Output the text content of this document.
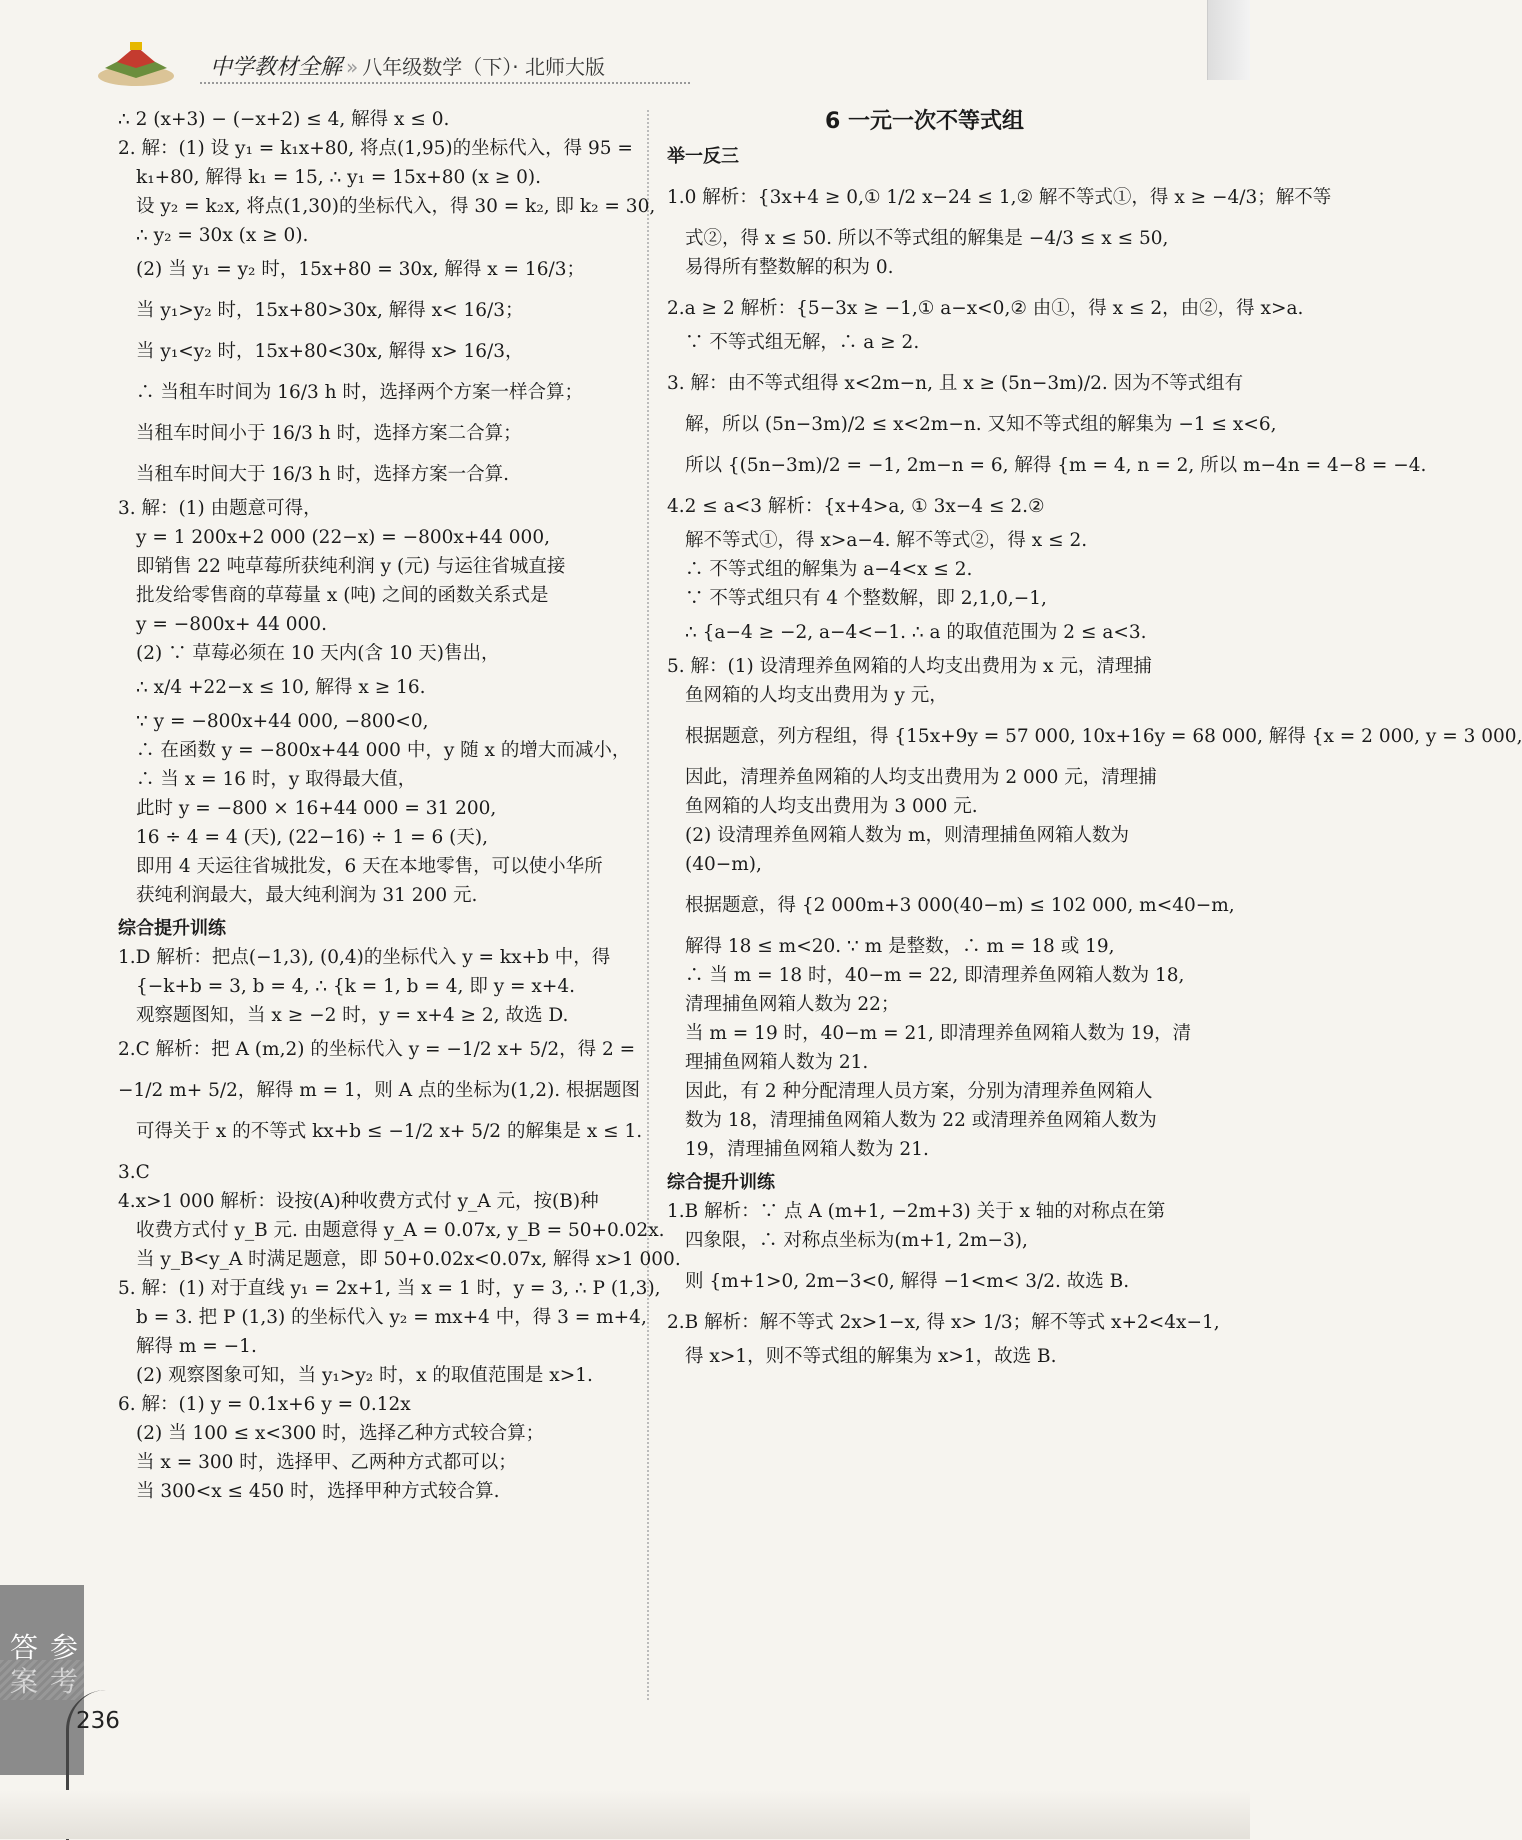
中学教材全解 » 八年级数学（下）· 北师大版
∴ 2 (x+3) − (−x+2) ≤ 4, 解得 x ≤ 0.
2. 解：(1) 设 y₁ = k₁x+80, 将点(1,95)的坐标代入，得 95 =
k₁+80, 解得 k₁ = 15, ∴ y₁ = 15x+80 (x ≥ 0).
设 y₂ = k₂x, 将点(1,30)的坐标代入，得 30 = k₂, 即 k₂ = 30,
∴ y₂ = 30x (x ≥ 0).
(2) 当 y₁ = y₂ 时，15x+80 = 30x, 解得 x = 16/3；
当 y₁>y₂ 时，15x+80>30x, 解得 x< 16/3；
当 y₁<y₂ 时，15x+80<30x, 解得 x> 16/3，
∴ 当租车时间为 16/3 h 时，选择两个方案一样合算；
当租车时间小于 16/3 h 时，选择方案二合算；
当租车时间大于 16/3 h 时，选择方案一合算.
3. 解：(1) 由题意可得，
y = 1 200x+2 000 (22−x) = −800x+44 000,
即销售 22 吨草莓所获纯利润 y (元) 与运往省城直接
批发给零售商的草莓量 x (吨) 之间的函数关系式是
y = −800x+ 44 000.
(2) ∵ 草莓必须在 10 天内(含 10 天)售出，
∴ x/4 +22−x ≤ 10, 解得 x ≥ 16.
∵ y = −800x+44 000, −800<0,
∴ 在函数 y = −800x+44 000 中，y 随 x 的增大而减小，
∴ 当 x = 16 时，y 取得最大值，
此时 y = −800 × 16+44 000 = 31 200,
16 ÷ 4 = 4 (天), (22−16) ÷ 1 = 6 (天),
即用 4 天运往省城批发，6 天在本地零售，可以使小华所
获纯利润最大，最大纯利润为 31 200 元.
综合提升训练
1.D 解析：把点(−1,3), (0,4)的坐标代入 y = kx+b 中，得
{−k+b = 3, b = 4, ∴ {k = 1, b = 4, 即 y = x+4.
观察题图知，当 x ≥ −2 时，y = x+4 ≥ 2, 故选 D.
2.C 解析：把 A (m,2) 的坐标代入 y = −1/2 x+ 5/2，得 2 =
−1/2 m+ 5/2，解得 m = 1，则 A 点的坐标为(1,2). 根据题图
可得关于 x 的不等式 kx+b ≤ −1/2 x+ 5/2 的解集是 x ≤ 1.
3.C
4.x>1 000 解析：设按(A)种收费方式付 y_A 元，按(B)种
收费方式付 y_B 元. 由题意得 y_A = 0.07x, y_B = 50+0.02x.
当 y_B<y_A 时满足题意，即 50+0.02x<0.07x, 解得 x>1 000.
5. 解：(1) 对于直线 y₁ = 2x+1, 当 x = 1 时，y = 3, ∴ P (1,3),
b = 3. 把 P (1,3) 的坐标代入 y₂ = mx+4 中，得 3 = m+4,
解得 m = −1.
(2) 观察图象可知，当 y₁>y₂ 时，x 的取值范围是 x>1.
6. 解：(1) y = 0.1x+6 y = 0.12x
(2) 当 100 ≤ x<300 时，选择乙种方式较合算；
当 x = 300 时，选择甲、乙两种方式都可以；
当 300<x ≤ 450 时，选择甲种方式较合算.
6 一元一次不等式组
举一反三
1.0 解析：{3x+4 ≥ 0,① 1/2 x−24 ≤ 1,② 解不等式①，得 x ≥ −4/3；解不等
式②，得 x ≤ 50. 所以不等式组的解集是 −4/3 ≤ x ≤ 50,
易得所有整数解的积为 0.
2.a ≥ 2 解析：{5−3x ≥ −1,① a−x<0,② 由①，得 x ≤ 2，由②，得 x>a.
∵ 不等式组无解，∴ a ≥ 2.
3. 解：由不等式组得 x<2m−n, 且 x ≥ (5n−3m)/2. 因为不等式组有
解，所以 (5n−3m)/2 ≤ x<2m−n. 又知不等式组的解集为 −1 ≤ x<6,
所以 {(5n−3m)/2 = −1, 2m−n = 6, 解得 {m = 4, n = 2, 所以 m−4n = 4−8 = −4.
4.2 ≤ a<3 解析：{x+4>a, ① 3x−4 ≤ 2.②
解不等式①，得 x>a−4. 解不等式②，得 x ≤ 2.
∴ 不等式组的解集为 a−4<x ≤ 2.
∵ 不等式组只有 4 个整数解，即 2,1,0,−1,
∴ {a−4 ≥ −2, a−4<−1. ∴ a 的取值范围为 2 ≤ a<3.
5. 解：(1) 设清理养鱼网箱的人均支出费用为 x 元，清理捕
鱼网箱的人均支出费用为 y 元，
根据题意，列方程组，得 {15x+9y = 57 000, 10x+16y = 68 000, 解得 {x = 2 000, y = 3 000,
因此，清理养鱼网箱的人均支出费用为 2 000 元，清理捕
鱼网箱的人均支出费用为 3 000 元.
(2) 设清理养鱼网箱人数为 m，则清理捕鱼网箱人数为
(40−m),
根据题意，得 {2 000m+3 000(40−m) ≤ 102 000, m<40−m,
解得 18 ≤ m<20. ∵ m 是整数，∴ m = 18 或 19,
∴ 当 m = 18 时，40−m = 22, 即清理养鱼网箱人数为 18,
清理捕鱼网箱人数为 22；
当 m = 19 时，40−m = 21, 即清理养鱼网箱人数为 19，清
理捕鱼网箱人数为 21.
因此，有 2 种分配清理人员方案，分别为清理养鱼网箱人
数为 18，清理捕鱼网箱人数为 22 或清理养鱼网箱人数为
19，清理捕鱼网箱人数为 21.
综合提升训练
1.B 解析：∵ 点 A (m+1, −2m+3) 关于 x 轴的对称点在第
四象限，∴ 对称点坐标为(m+1, 2m−3),
则 {m+1>0, 2m−3<0, 解得 −1<m< 3/2. 故选 B.
2.B 解析：解不等式 2x>1−x, 得 x> 1/3；解不等式 x+2<4x−1,
得 x>1，则不等式组的解集为 x>1，故选 B.
参考答案
236
